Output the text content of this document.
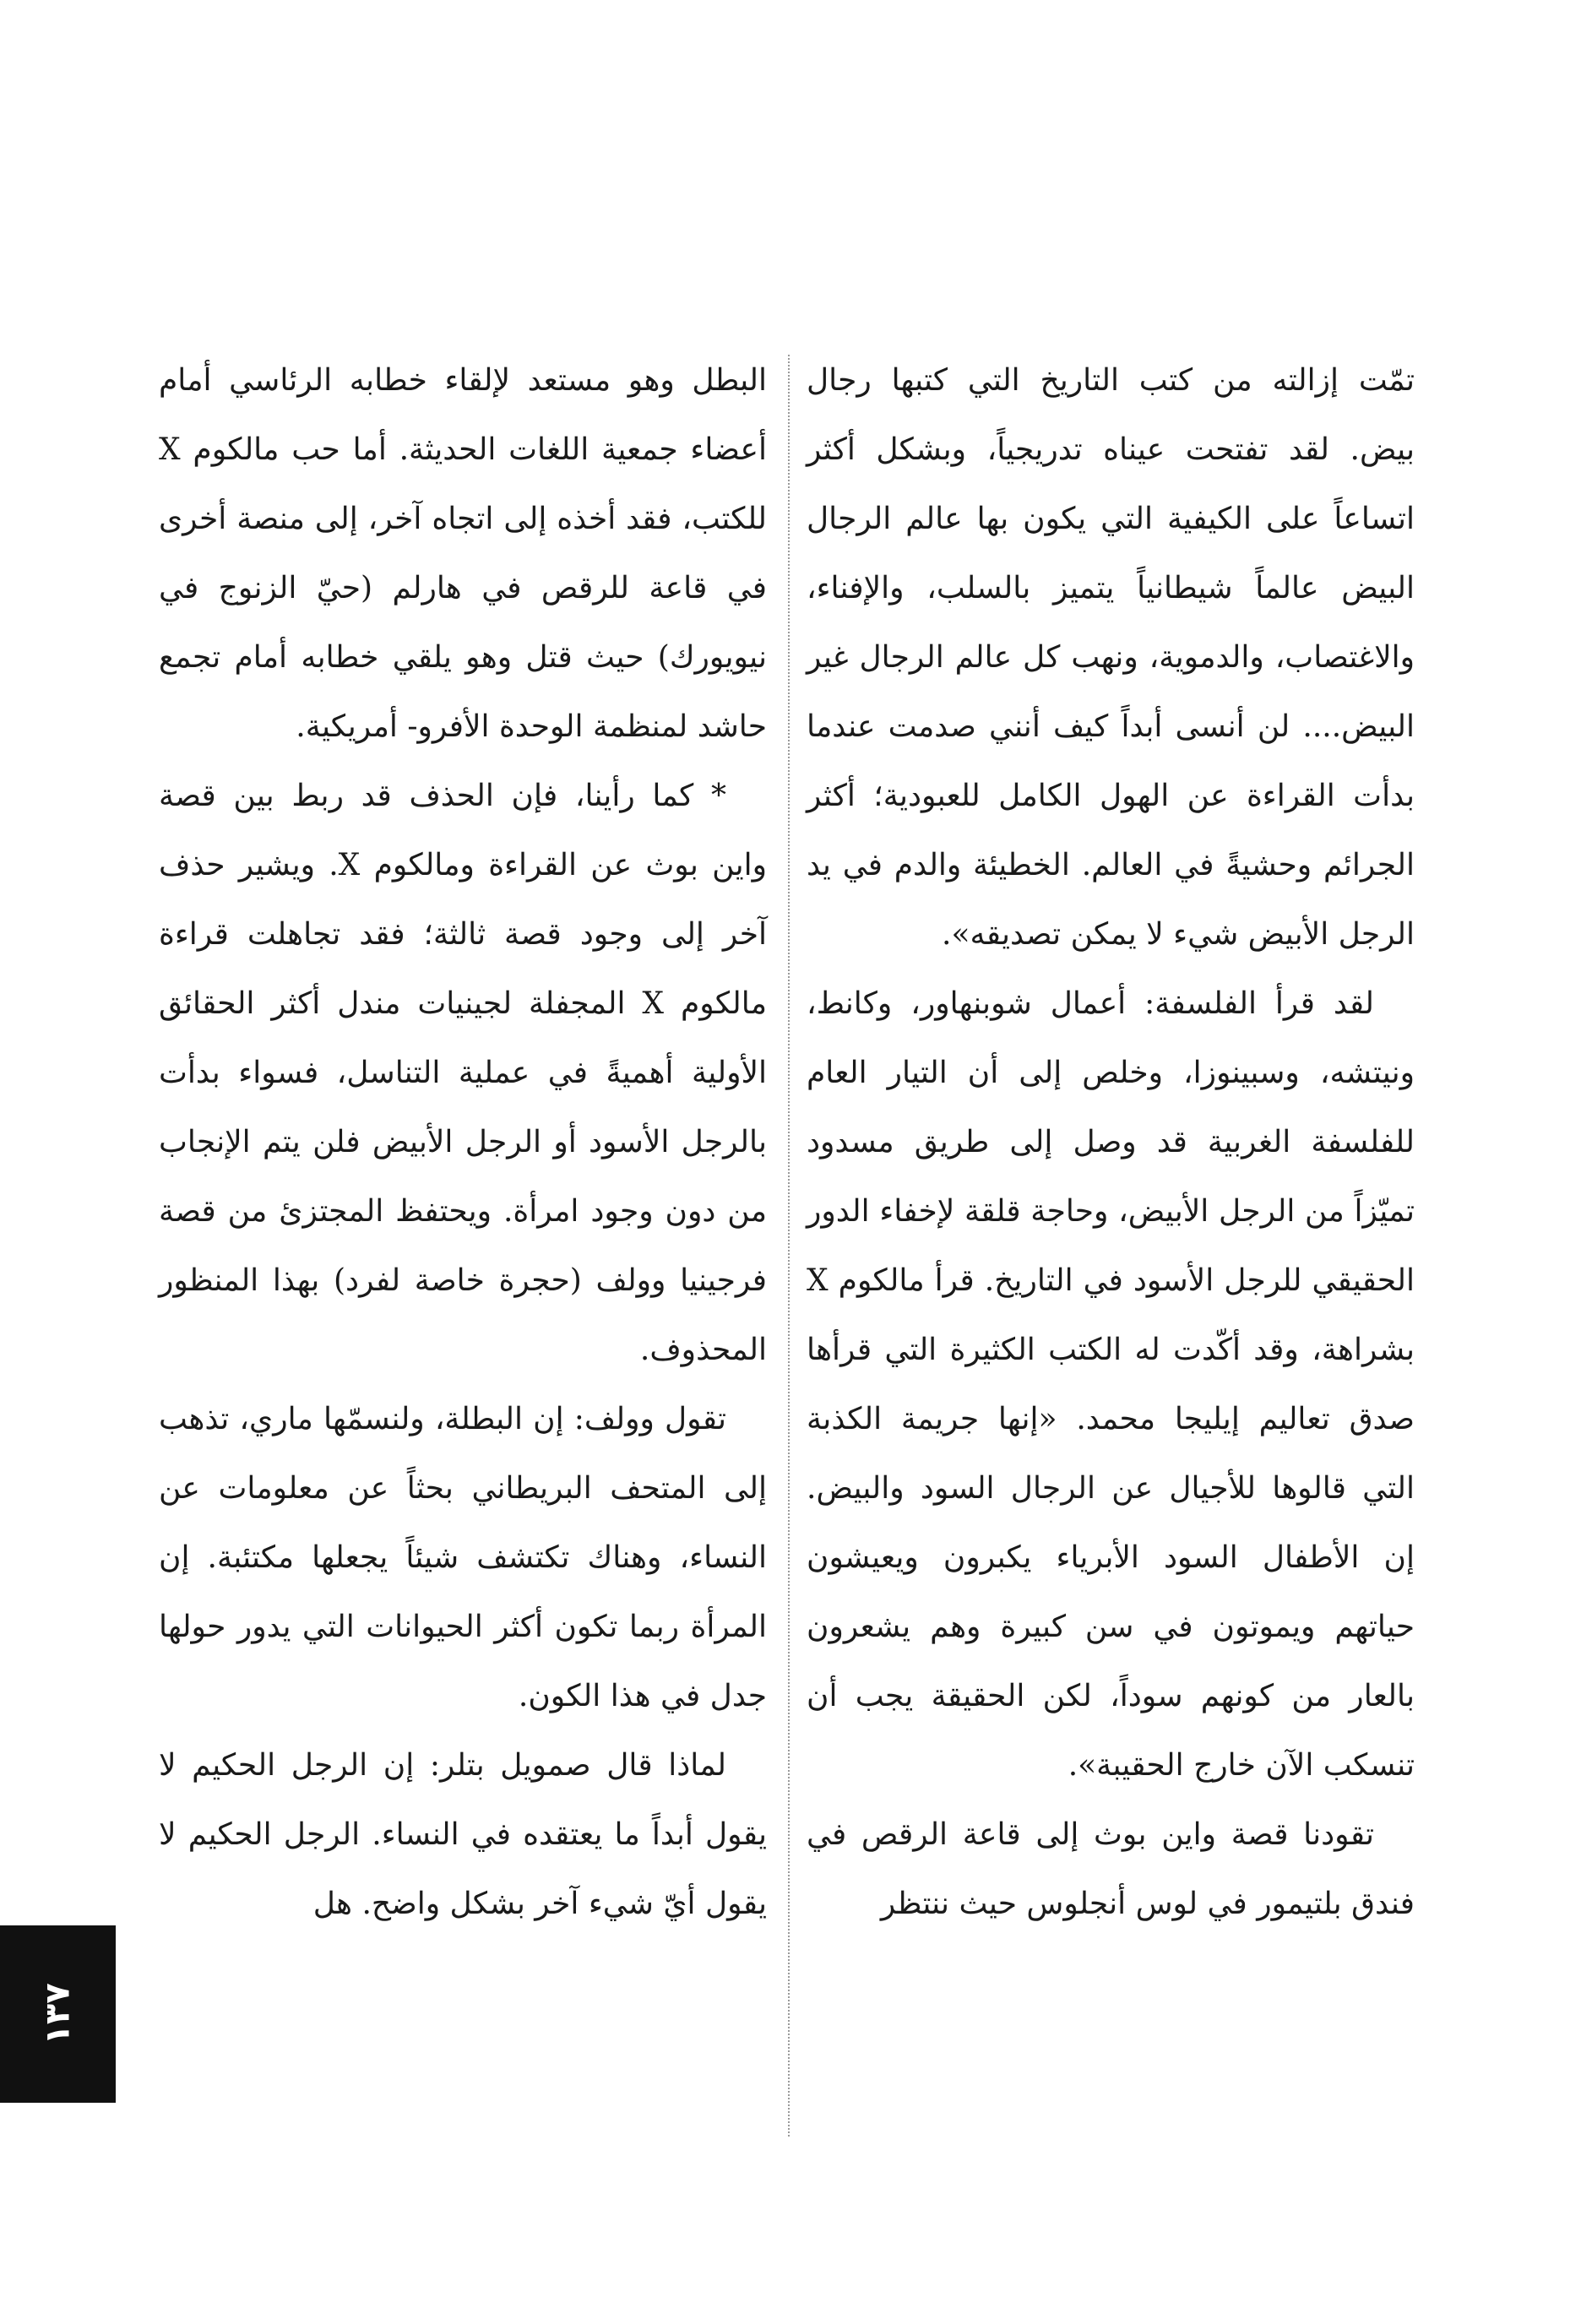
تمّت إزالته من كتب التاريخ التي كتبها رجال بيض. لقد تفتحت عيناه تدريجياً، وبشكل أكثر اتساعاً على الكيفية التي يكون بها عالم الرجال البيض عالماً شيطانياً يتميز بالسلب، والإفناء، والاغتصاب، والدموية، ونهب كل عالم الرجال غير البيض.... لن أنسى أبداً كيف أنني صدمت عندما بدأت القراءة عن الهول الكامل للعبودية؛ أكثر الجرائم وحشيةً في العالم. الخطيئة والدم في يد الرجل الأبيض شيء لا يمكن تصديقه».

لقد قرأ الفلسفة: أعمال شوبنهاور، وكانط، ونيتشه، وسبينوزا، وخلص إلى أن التيار العام للفلسفة الغربية قد وصل إلى طريق مسدود تميّزاً من الرجل الأبيض، وحاجة قلقة لإخفاء الدور الحقيقي للرجل الأسود في التاريخ. قرأ مالكوم X بشراهة، وقد أكّدت له الكتب الكثيرة التي قرأها صدق تعاليم إيليجا محمد. «إنها جريمة الكذبة التي قالوها للأجيال عن الرجال السود والبيض. إن الأطفال السود الأبرياء يكبرون ويعيشون حياتهم ويموتون في سن كبيرة وهم يشعرون بالعار من كونهم سوداً، لكن الحقيقة يجب أن تنسكب الآن خارج الحقيبة».

تقودنا قصة واين بوث إلى قاعة الرقص في فندق بلتيمور في لوس أنجلوس حيث ننتظر

البطل وهو مستعد لإلقاء خطابه الرئاسي أمام أعضاء جمعية اللغات الحديثة. أما حب مالكوم X للكتب، فقد أخذه إلى اتجاه آخر، إلى منصة أخرى في قاعة للرقص في هارلم (حيّ الزنوج في نيويورك) حيث قتل وهو يلقي خطابه أمام تجمع حاشد لمنظمة الوحدة الأفرو- أمريكية.

* كما رأينا، فإن الحذف قد ربط بين قصة واين بوث عن القراءة ومالكوم X. ويشير حذف آخر إلى وجود قصة ثالثة؛ فقد تجاهلت قراءة مالكوم X المجفلة لجينيات مندل أكثر الحقائق الأولية أهميةً في عملية التناسل، فسواء بدأت بالرجل الأسود أو الرجل الأبيض فلن يتم الإنجاب من دون وجود امرأة. ويحتفظ المجتزئ من قصة فرجينيا وولف (حجرة خاصة لفرد) بهذا المنظور المحذوف.

تقول وولف: إن البطلة، ولنسمّها ماري، تذهب إلى المتحف البريطاني بحثاً عن معلومات عن النساء، وهناك تكتشف شيئاً يجعلها مكتئبة. إن المرأة ربما تكون أكثر الحيوانات التي يدور حولها جدل في هذا الكون.

لماذا قال صمويل بتلر: إن الرجل الحكيم لا يقول أبداً ما يعتقده في النساء. الرجل الحكيم لا يقول أيّ شيء آخر بشكل واضح. هل

١٣٧
